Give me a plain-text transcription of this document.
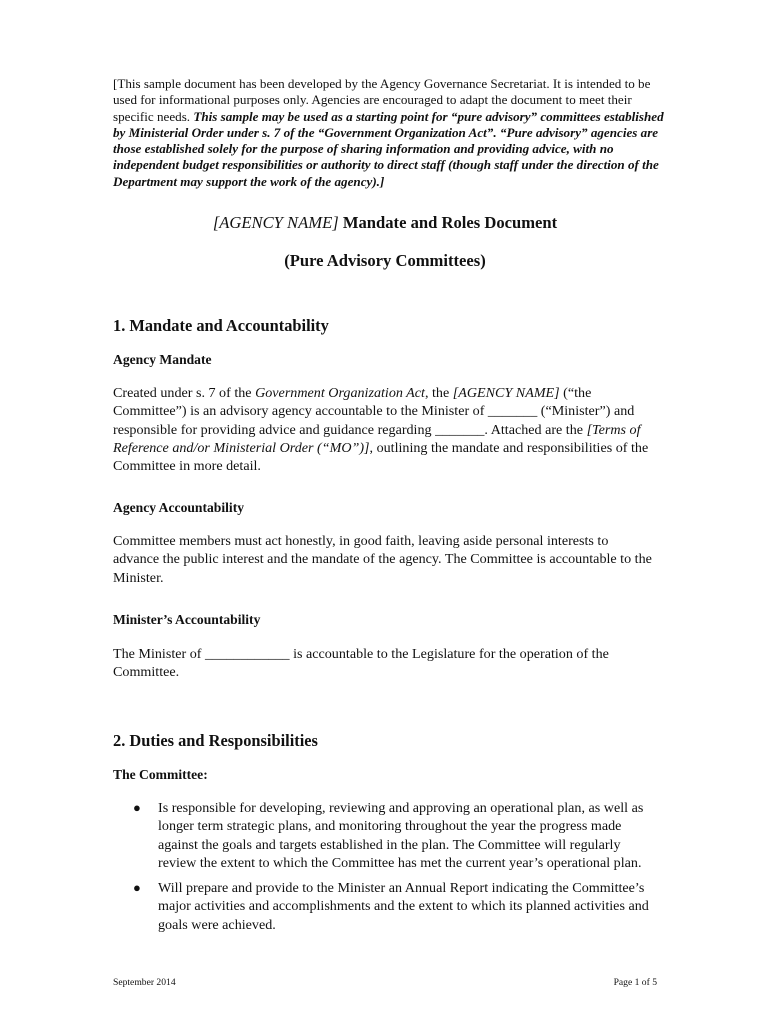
[This sample document has been developed by the Agency Governance Secretariat. It is intended to be used for informational purposes only. Agencies are encouraged to adapt the document to meet their specific needs. This sample may be used as a starting point for “pure advisory” committees established by Ministerial Order under s. 7 of the “Government Organization Act”. “Pure advisory” agencies are those established solely for the purpose of sharing information and providing advice, with no independent budget responsibilities or authority to direct staff (though staff under the direction of the Department may support the work of the agency).]
[AGENCY NAME] Mandate and Roles Document
(Pure Advisory Committees)
1. Mandate and Accountability
Agency Mandate
Created under s. 7 of the Government Organization Act, the [AGENCY NAME] (“the Committee”) is an advisory agency accountable to the Minister of _______ (“Minister”) and responsible for providing advice and guidance regarding _______. Attached are the [Terms of Reference and/or Ministerial Order (“MO”)], outlining the mandate and responsibilities of the Committee in more detail.
Agency Accountability
Committee members must act honestly, in good faith, leaving aside personal interests to advance the public interest and the mandate of the agency. The Committee is accountable to the Minister.
Minister’s Accountability
The Minister of ____________ is accountable to the Legislature for the operation of the Committee.
2. Duties and Responsibilities
The Committee:
● Is responsible for developing, reviewing and approving an operational plan, as well as longer term strategic plans, and monitoring throughout the year the progress made against the goals and targets established in the plan. The Committee will regularly review the extent to which the Committee has met the current year’s operational plan.
● Will prepare and provide to the Minister an Annual Report indicating the Committee’s major activities and accomplishments and the extent to which its planned activities and goals were achieved.
September 2014	Page 1 of 5
